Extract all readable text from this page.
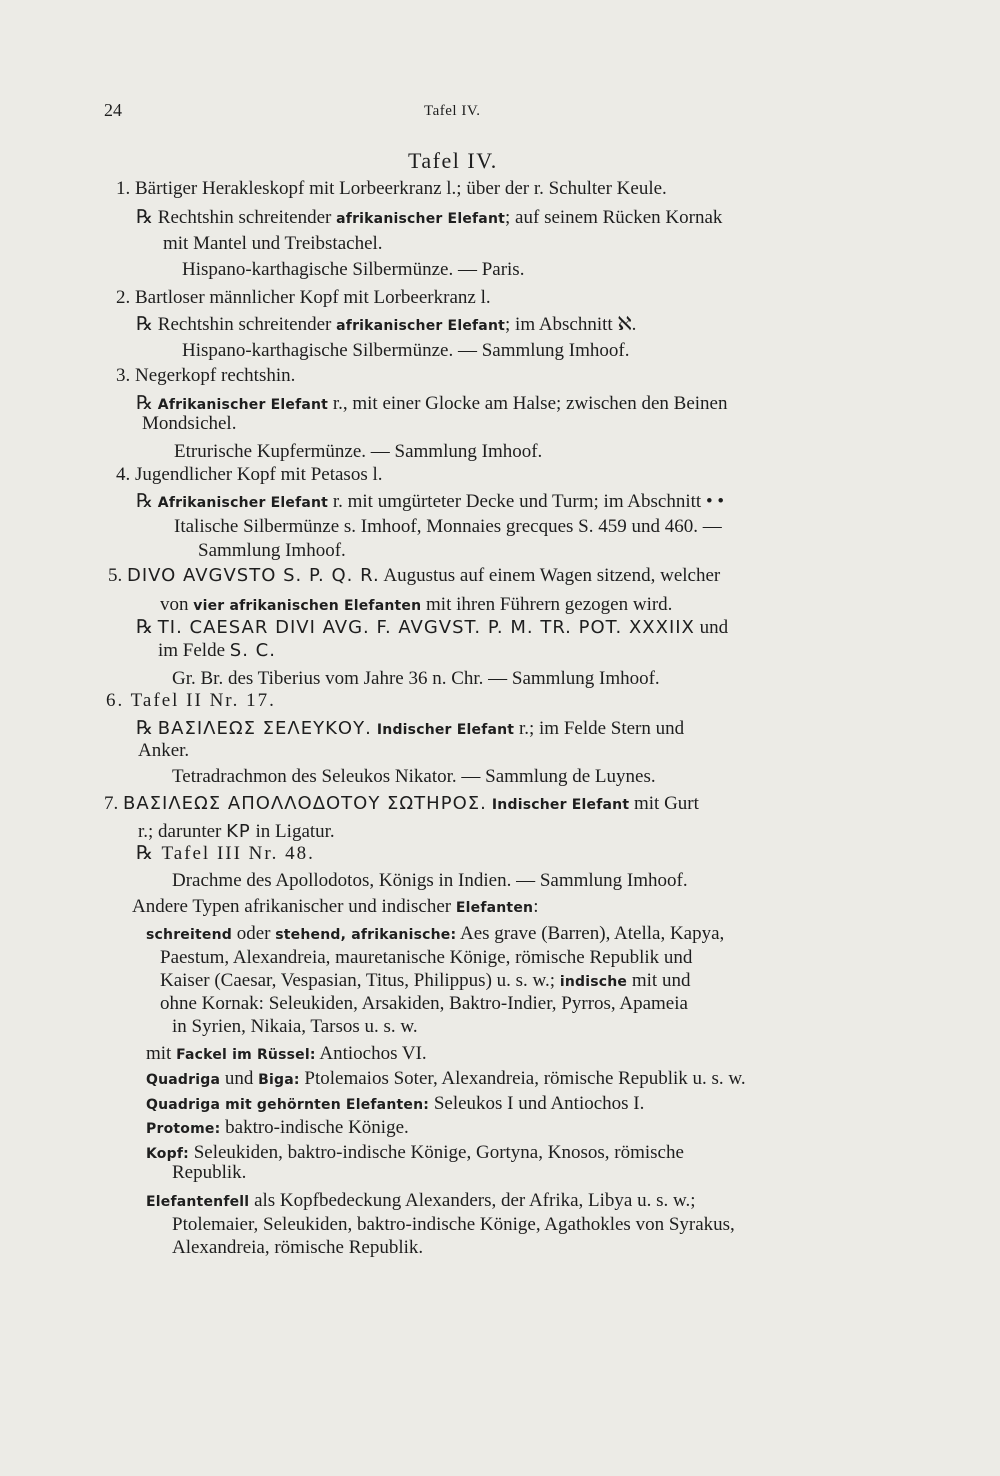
24	Tafel IV.
Tafel IV.
1. Bärtiger Herakleskopf mit Lorbeerkranz l.; über der r. Schulter Keule.
℞ Rechtshin schreitender afrikanischer Elefant; auf seinem Rücken Kornak
mit Mantel und Treibstachel.
Hispano-karthagische Silbermünze. — Paris.
2. Bartloser männlicher Kopf mit Lorbeerkranz l.
℞ Rechtshin schreitender afrikanischer Elefant; im Abschnitt ℵ.
Hispano-karthagische Silbermünze. — Sammlung Imhoof.
3. Negerkopf rechtshin.
℞ Afrikanischer Elefant r., mit einer Glocke am Halse; zwischen den Beinen
Mondsichel.
Etrurische Kupfermünze. — Sammlung Imhoof.
4. Jugendlicher Kopf mit Petasos l.
℞ Afrikanischer Elefant r. mit umgürteter Decke und Turm; im Abschnitt • •
Italische Silbermünze s. Imhoof, Monnaies grecques S. 459 und 460. —
Sammlung Imhoof.
5. DIVO AVGVSTO S. P. Q. R. Augustus auf einem Wagen sitzend, welcher
von vier afrikanischen Elefanten mit ihren Führern gezogen wird.
℞ TI. CAESAR DIVI AVG. F. AVGVST. P. M. TR. POT. XXXIIX und
im Felde S. C.
Gr. Br. des Tiberius vom Jahre 36 n. Chr. — Sammlung Imhoof.
6. Tafel II Nr. 17.
℞ ΒΑΣΙΛΕΩΣ ΣΕΛΕΥΚΟΥ. Indischer Elefant r.; im Felde Stern und
Anker.
Tetradrachmon des Seleukos Nikator. — Sammlung de Luynes.
7. ΒΑΣΙΛΕΩΣ ΑΠΟΛΛΟΔΟΤΟΥ ΣΩΤΗΡΟΣ. Indischer Elefant mit Gurt
r.; darunter KP in Ligatur.
℞ Tafel III Nr. 48.
Drachme des Apollodotos, Königs in Indien. — Sammlung Imhoof.
Andere Typen afrikanischer und indischer Elefanten:
schreitend oder stehend, afrikanische: Aes grave (Barren), Atella, Kapya,
Paestum, Alexandreia, mauretanische Könige, römische Republik und
Kaiser (Caesar, Vespasian, Titus, Philippus) u. s. w.; indische mit und
ohne Kornak: Seleukiden, Arsakiden, Baktro-Indier, Pyrros, Apameia
in Syrien, Nikaia, Tarsos u. s. w.
mit Fackel im Rüssel: Antiochos VI.
Quadriga und Biga: Ptolemaios Soter, Alexandreia, römische Republik u. s. w.
Quadriga mit gehörnten Elefanten: Seleukos I und Antiochos I.
Protome: baktro-indische Könige.
Kopf: Seleukiden, baktro-indische Könige, Gortyna, Knosos, römische
Republik.
Elefantenfell als Kopfbedeckung Alexanders, der Afrika, Libya u. s. w.;
Ptolemaier, Seleukiden, baktro-indische Könige, Agathokles von Syrakus,
Alexandreia, römische Republik.
